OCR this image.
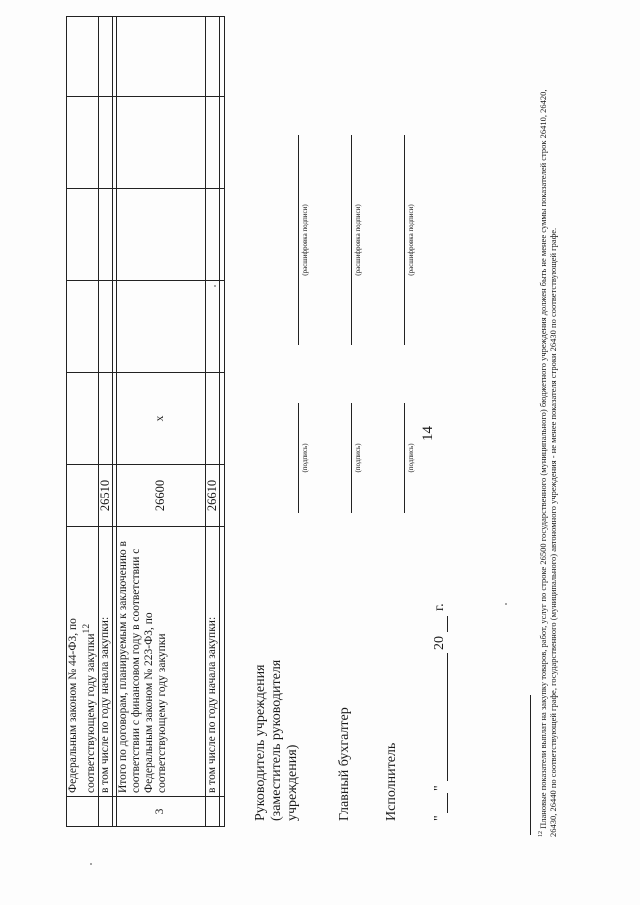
14
	Федеральным законом № 44-ФЗ, по соответствующему году закупки$^{12}$						
	в том числе по году начала закупки:	26510					

3	Итого по договорам, планируемым к заключению в соответствии с финансовом году в соответствии с Федеральным законом № 223-ФЗ, по соответствующему году закупки	26600	x				
	в том числе по году начала закупки:	26610					

Руководитель учреждения (заместитель руководителя учреждения)
(подпись)
(расшифровка подписи)
Главный бухгалтер
(подпись)
(расшифровка подписи)
Исполнитель
(подпись)
(расшифровка подписи)
"
"
20
г.
$^{12}$ Плановые показатели выплат на закупку товаров, работ, услуг по строке 26500 государственного (муниципального) бюджетного учреждения должен быть не менее суммы показателей строк 26410, 26420, 26430, 26440 по соответствующей графе, государственного (муниципального) автономного учреждения - не менее показателя строки 26430 по соответствующей графе.
